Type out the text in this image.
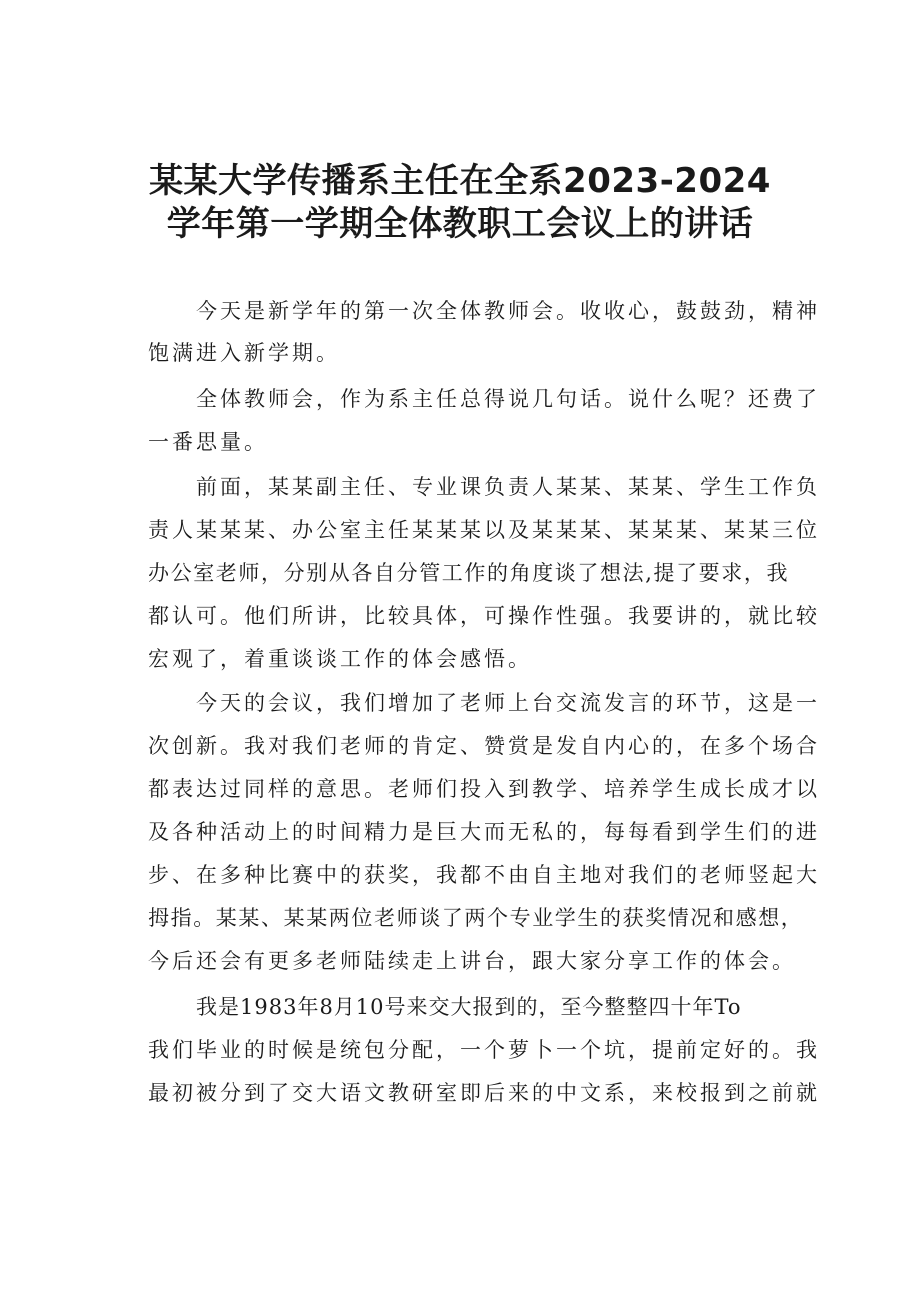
某某大学传播系主任在全系2023-2024
学年第一学期全体教职工会议上的讲话

今天是新学年的第一次全体教师会。收收心，鼓鼓劲，精神

饱满进入新学期。

全体教师会，作为系主任总得说几句话。说什么呢？还费了

一番思量。

前面，某某副主任、专业课负责人某某、某某、学生工作负

责人某某某、办公室主任某某某以及某某某、某某某、某某三位

办公室老师，分别从各自分管工作的角度谈了想法,提了要求，我

都认可。他们所讲，比较具体，可操作性强。我要讲的，就比较

宏观了，着重谈谈工作的体会感悟。

今天的会议，我们增加了老师上台交流发言的环节，这是一

次创新。我对我们老师的肯定、赞赏是发自内心的，在多个场合

都表达过同样的意思。老师们投入到教学、培养学生成长成才以

及各种活动上的时间精力是巨大而无私的，每每看到学生们的进

步、在多种比赛中的获奖，我都不由自主地对我们的老师竖起大

拇指。某某、某某两位老师谈了两个专业学生的获奖情况和感想，

今后还会有更多老师陆续走上讲台，跟大家分享工作的体会。

我是1983年8月10号来交大报到的，至今整整四十年To

我们毕业的时候是统包分配，一个萝卜一个坑，提前定好的。我

最初被分到了交大语文教研室即后来的中文系，来校报到之前就
